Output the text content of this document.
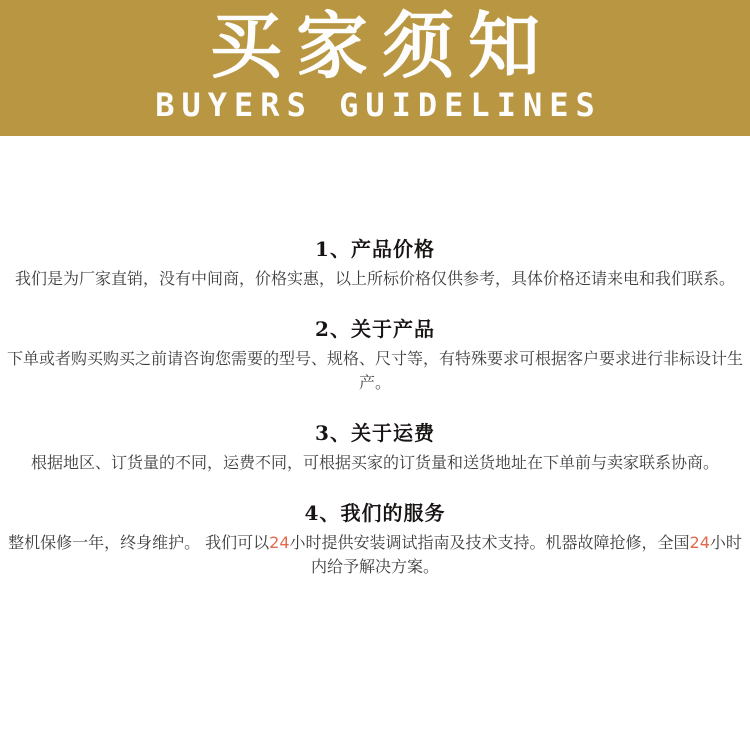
买家须知
BUYERS GUIDELINES
1、产品价格
我们是为厂家直销，没有中间商，价格实惠，以上所标价格仅供参考，具体价格还请来电和我们联系。
2、关于产品
下单或者购买购买之前请咨询您需要的型号、规格、尺寸等，有特殊要求可根据客户要求进行非标设计生产。
3、关于运费
根据地区、订货量的不同，运费不同，可根据买家的订货量和送货地址在下单前与卖家联系协商。
4、我们的服务
整机保修一年，终身维护。 我们可以24小时提供安装调试指南及技术支持。机器故障抢修，全国24小时内给予解决方案。
